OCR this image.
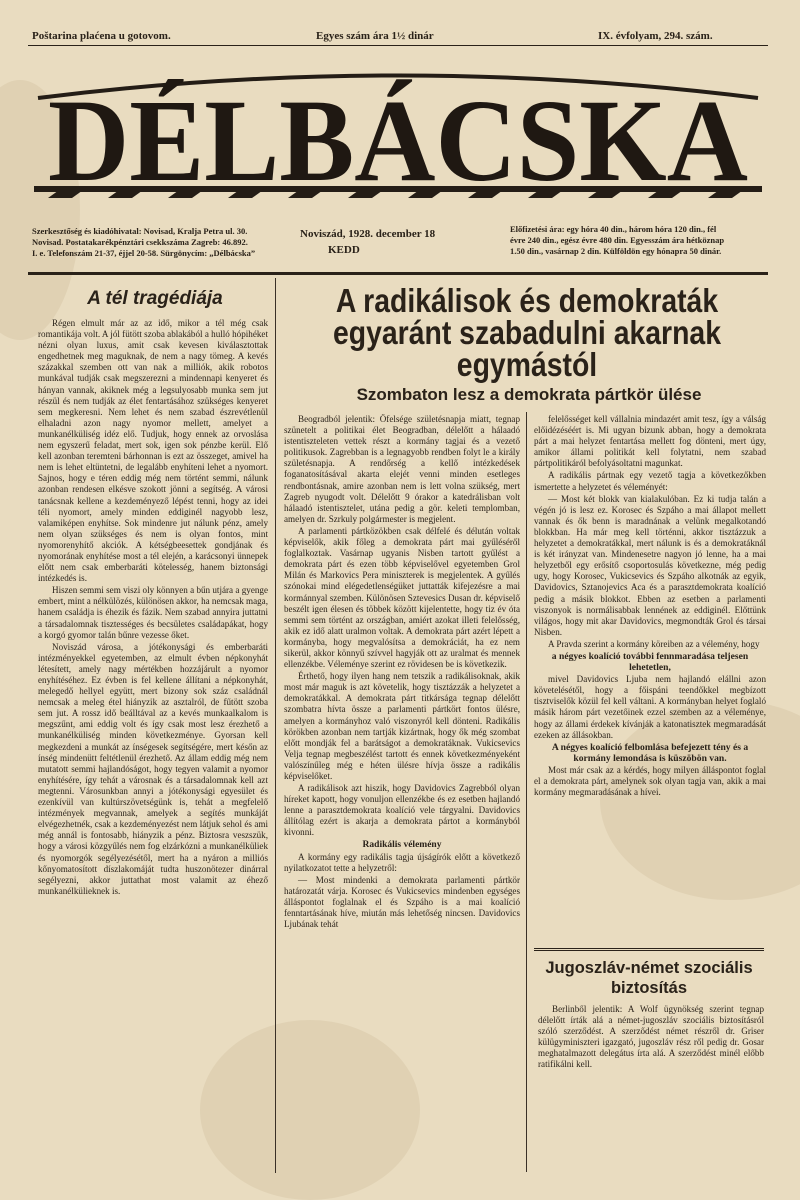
Poštarina plaćena u gotovom.	Egyes szám ára 1½ dinár	IX. évfolyam, 294. szám.
DÉLBÁCSKA
Szerkesztőség és kiadóhivatal: Novisad, Kralja Petra ul. 30.
Novisad. Postatakarékpénztári csekkszáma Zagreb: 46.892.
I. e. Telefonszám 21-37, éjjel 20-58. Sürgönycím: „Délbácska”
Noviszád, 1928. december 18
KEDD
Előfizetési ára: egy hóra 40 din., három hóra 120 din., fél
évre 240 din., egész évre 480 din. Egyesszám ára hétköznap
1.50 din., vasárnap 2 din. Külföldön egy hónapra 50 dinár.
A tél tragédiája

Régen elmult már az az idő, mikor a tél még csak romantikája volt. A jól fütött szoba ablakából a hulló hópihéket nézni olyan luxus, amit csak kevesen kiválasztottak engedhetnek meg maguknak, de nem a nagy tömeg. A kevés százakkal szemben ott van nak a milliók, akik robotos munkával tudják csak megszerezni a mindennapi kenyeret és hányan vannak, akiknek még a legsulyosabb munka sem jut részül és nem tudják az élet fentartásához szükséges kenyeret sem megkeresni. Nem lehet és nem szabad észrevétlenül elhaladni azon nagy nyomor mellett, amelyet a munkanélküliség idéz elő. Tudjuk, hogy ennek az orvoslása nem egyszerű feladat, mert sok, igen sok pénzbe kerül. Elő kell azonban teremteni bárhonnan is ezt az összeget, amivel ha nem is lehet eltüntetni, de legalább enyhíteni lehet a nyomort. Sajnos, hogy e téren eddig még nem történt semmi, nálunk azonban rendesen elkésve szokott jönni a segítség. A városi tanácsnak kellene a kezdeményező lépést tenni, hogy az idei téli nyomort, amely minden eddiginél nagyobb lesz, valamiképen enyhítse. Sok mindenre jut nálunk pénz, amely nem olyan szükséges és nem is olyan fontos, mint nyomorenyhítő akciók. A kétségbeesettek gondjának és nyomorának enyhítése most a tél elején, a karácsonyi ünnepek előtt nem csak emberbaráti kötelesség, hanem biztonsági intézkedés is.

Hiszen semmi sem viszi oly könnyen a bűn utjára a gyenge embert, mint a nélkülözés, különösen akkor, ha nemcsak maga, hanem családja is éhezik és fázik. Nem szabad annyira juttatni a társadalomnak tisztességes és becsületes családapákat, hogy a korgó gyomor talán bűnre vezesse őket.

Noviszád városa, a jótékonysági és emberbaráti intézményekkel egyetemben, az elmult évben népkonyhát létesített, amely nagy mértékben hozzájárult a nyomor enyhítéséhez. Ez évben is fel kellene állítani a népkonyhát, melegedő hellyel együtt, mert bizony sok száz családnál nemcsak a meleg étel hiányzik az asztalról, de fűtött szoba sem jut. A rossz idő beálltával az a kevés munkaalkalom is megszűnt, ami eddig volt és így csak most lesz érezhető a munkanélküliség minden következménye. Gyorsan kell megkezdeni a munkát az ínségesek segítségére, mert későn az ínség mindenütt feltétlenül érezhető. Az állam eddig még nem mutatott semmi hajlandóságot, hogy tegyen valamit a nyomor enyhítésére, így tehát a városnak és a társadalomnak kell azt megtenni. Városunkban annyi a jótékonysági egyesület és ezenkívül van kultúrszövetségünk is, tehát a megfelelő intézmények megvannak, amelyek a segítés munkáját elvégezhetnék, csak a kezdeményezést nem látjuk sehol és ami még annál is fontosabb, hiányzik a pénz. Biztosra veszszük, hogy a városi közgyűlés nem fog elzárkózni a munkanélküliek és nyomorgók segélyezésétől, mert ha a nyáron a milliós kőnyomatosított díszlakomáját tudta huszonötezer dinárral segélyezni, akkor juttathat most valamit az éhező munkanélkülieknek is.

A radikálisok és demokraták
egyaránt szabadulni akarnak
egymástól
Szombaton lesz a demokrata pártkör ülése

Beogradból jelentik: Őfelsége születésnapja miatt, tegnap szünetelt a politikai élet Beogradban, délelőtt a hálaadó istentiszteleten vettek részt a kormány tagjai és a vezető politikusok. Zagrebban is a legnagyobb rendben folyt le a király születésnapja. A rendőrség a kellő intézkedések foganatosításával akarta elejét venni minden esetleges rendbontásnak, amire azonban nem is lett volna szükség, mert Zagreb nyugodt volt. Délelőtt 9 órakor a katedrálisban volt hálaadó istentisztelet, utána pedig a gör. keleti templomban, amelyen dr. Szrkuly polgármester is megjelent.

A parlamenti pártközökben csak délfelé és délután voltak képviselők, akik főleg a demokrata párt mai gyűléséről foglalkoztak. Vasárnap ugyanis Nisben tartott gyűlést a demokrata párt és ezen több képviselővel egyetemben Grol Milán és Markovics Pera miniszterek is megjelentek. A gyűlés szónokai mind elégedetlenségüket juttatták kifejezésre a mai kormánnyal szemben. Különösen Sztevesics Dusan dr. képviselő beszélt igen élesen és többek között kijelentette, hogy tiz év óta semmi sem történt az országban, amiért azokat illeti felelősség, akik ez idő alatt uralmon voltak. A demokrata párt azért lépett a kormányba, hogy megvalósítsa a demokráciát, ha ez nem sikerül, akkor könnyű szívvel hagyják ott az uralmat és mennek ellenzékbe. Véleménye szerint ez rövidesen be is következik.

Érthető, hogy ilyen hang nem tetszik a radikálisoknak, akik most már maguk is azt követelik, hogy tisztázzák a helyzetet a demokratákkal. A demokrata párt titkársága tegnap délelőtt szombatra hívta össze a parlamenti pártkört fontos ülésre, amelyen a kormányhoz való viszonyról kell dönteni. Radikális körökben azonban nem tartják kizártnak, hogy ők még szombat előtt mondják fel a barátságot a demokratáknak. Vukicsevics Velja tegnap megbeszélést tartott és ennek következményeként valószínűleg még e héten ülésre hívja össze a radikális képviselőket.

A radikálisok azt hiszik, hogy Davidovics Zagrebból olyan híreket kapott, hogy vonuljon ellenzékbe és ez esetben hajlandó lenne a parasztdemokrata koalíció vele tárgyalni. Davidovics állítólag ezért is akarja a demokrata pártot a kormányból kivonni.

Radikális vélemény

A kormány egy radikális tagja újságírók előtt a következő nyilatkozatot tette a helyzetről:

— Most mindenki a demokrata parlamenti pártkör határozatát várja. Korosec és Vukicsevics mindenben egységes álláspontot foglalnak el és Szpáho is a mai koalíció fenntartásának híve, miután más lehetőség nincsen. Davidovics Ljubának tehát

felelősséget kell vállalnia mindazért amit tesz, így a válság előidézéséért is. Mi ugyan bizunk abban, hogy a demokrata párt a mai helyzet fentartása mellett fog dönteni, mert úgy, amikor állami politikát kell folytatni, nem szabad pártpolitikáról befolyásoltatni magunkat.

A radikális pártnak egy vezető tagja a következőkben ismertette a helyzetet és véleményét:

— Most két blokk van kialakulóban. Ez ki tudja talán a végén jó is lesz ez. Korosec és Szpáho a mai állapot mellett vannak és ők benn is maradnának a velünk megalkotandó blokkban. Ha már meg kell történni, akkor tisztázzuk a helyzetet a demokratákkal, mert nálunk is és a demokratáknál is két irányzat van. Mindenesetre nagyon jó lenne, ha a mai helyzetből egy erősítő csoportosulás következne, még pedig ugy, hogy Korosec, Vukicsevics és Szpáho alkotnák az egyik, Davidovics, Sztanojevics Aca és a parasztdemokrata koalíció pedig a másik blokkot. Ebben az esetben a parlamenti viszonyok is normálisabbak lennének az eddiginél. Előttünk világos, hogy mit akar Davidovics, megmondták Grol és társai Nisben.

A Pravda szerint a kormány köreiben az a vélemény, hogy

a négyes koalíció további fennmaradása teljesen lehetetlen,

mivel Davidovics Ljuba nem hajlandó elállni azon követelésétől, hogy a főispáni teendőkkel megbízott tisztviselők közül fel kell váltani. A kormányban helyet foglaló másik három párt vezetőinek ezzel szemben az a véleménye, hogy az állami érdekek kívánják a katonatisztek megmaradását ezeken az állásokban.

A négyes koalíció felbomlása befejezett tény és a kormány lemondása is küszöbön van.

Most már csak az a kérdés, hogy milyen álláspontot foglal el a demokrata párt, amelynek sok olyan tagja van, akik a mai kormány megmaradásának a hívei.

Jugoszláv-német szociális
biztosítás

Berlinből jelentik: A Wolf ügynökség szerint tegnap délelőtt írták alá a német-jugoszláv szociális biztosításról szóló szerződést. A szerződést német részről dr. Griser külügyminiszteri igazgató, jugoszláv rész ről pedig dr. Gosar meghatalmazott delegátus írta alá. A szerződést minél előbb ratifikálni kell.
